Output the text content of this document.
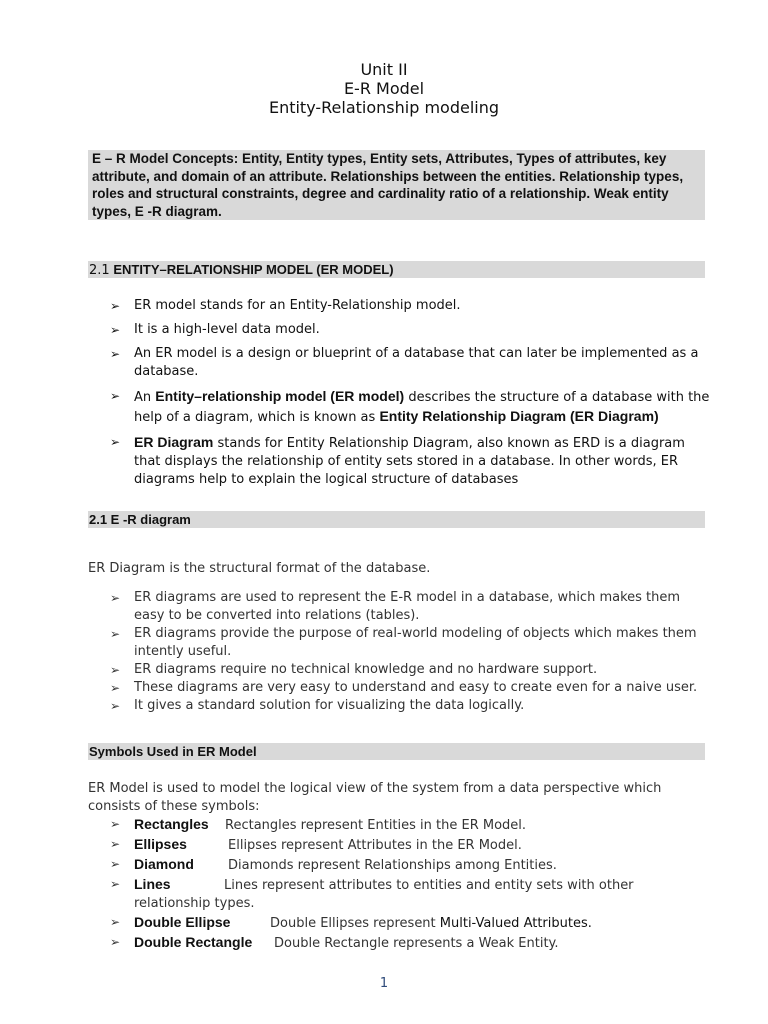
Unit II
E-R Model
Entity-Relationship modeling
E – R Model Concepts: Entity, Entity types, Entity sets, Attributes, Types of attributes, key attribute, and domain of an attribute. Relationships between the entities. Relationship types, roles and structural constraints, degree and cardinality ratio of a relationship. Weak entity types, E -R diagram.
2.1 ENTITY–RELATIONSHIP MODEL (ER MODEL)
➢ ER model stands for an Entity-Relationship model.
➢ It is a high-level data model.
➢ An ER model is a design or blueprint of a database that can later be implemented as a database.
➢ An Entity–relationship model (ER model) describes the structure of a database with the help of a diagram, which is known as Entity Relationship Diagram (ER Diagram)
➢ ER Diagram stands for Entity Relationship Diagram, also known as ERD is a diagram that displays the relationship of entity sets stored in a database. In other words, ER diagrams help to explain the logical structure of databases
2.1 E -R diagram
ER Diagram is the structural format of the database.
➢ ER diagrams are used to represent the E-R model in a database, which makes them easy to be converted into relations (tables).
➢ ER diagrams provide the purpose of real-world modeling of objects which makes them intently useful.
➢ ER diagrams require no technical knowledge and no hardware support.
➢ These diagrams are very easy to understand and easy to create even for a naive user.
➢ It gives a standard solution for visualizing the data logically.
Symbols Used in ER Model
ER Model is used to model the logical view of the system from a data perspective which consists of these symbols:
➢ Rectangles Rectangles represent Entities in the ER Model.
➢ Ellipses	Ellipses represent Attributes in the ER Model.
➢ Diamond	Diamonds represent Relationships among Entities.
➢ Lines	Lines represent attributes to entities and entity sets with other relationship types.
➢ Double Ellipse	Double Ellipses represent Multi-Valued Attributes.
➢ Double Rectangle Double Rectangle represents a Weak Entity.
1
